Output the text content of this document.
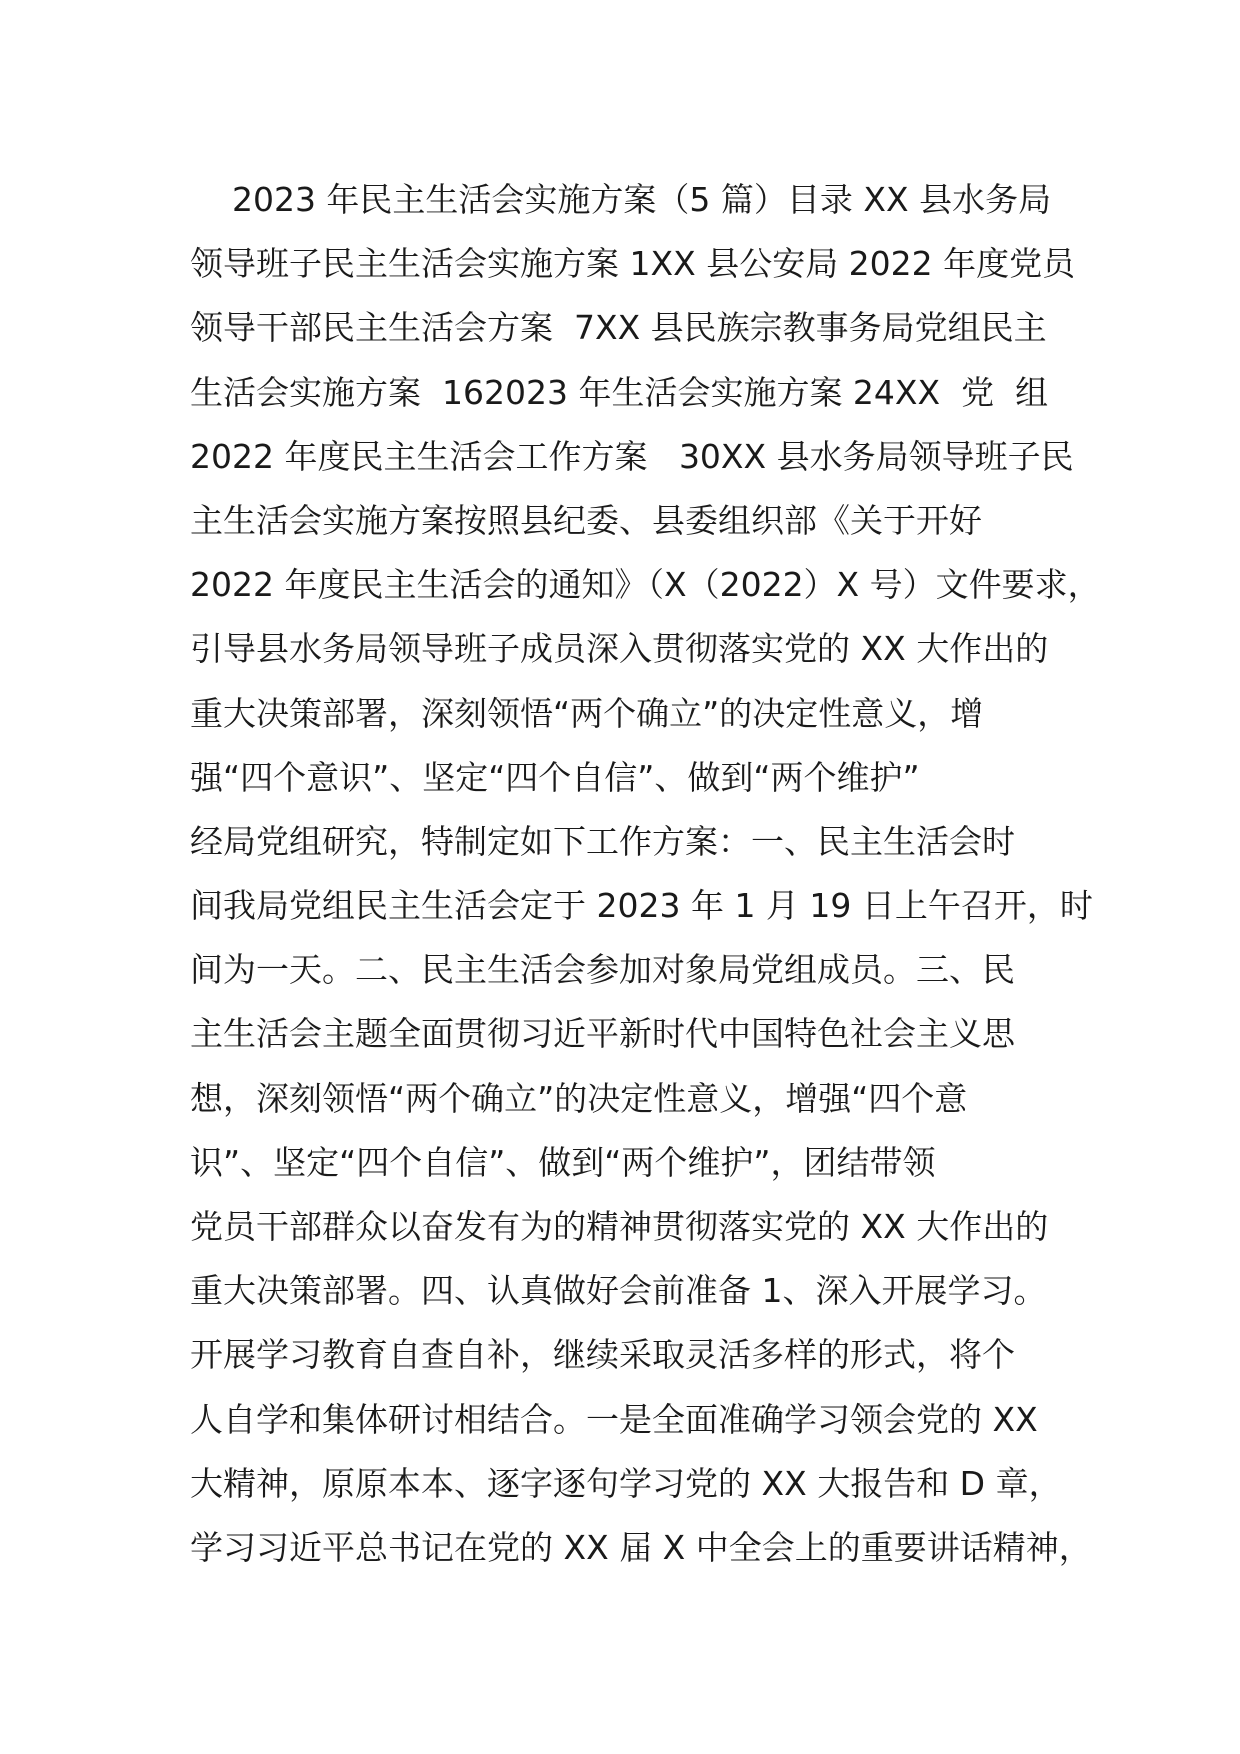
2023 年民主生活会实施方案（5 篇）目录 XX 县水务局
领导班子民主生活会实施方案 1XX 县公安局 2022 年度党员
领导干部民主生活会方案  7XX 县民族宗教事务局党组民主
生活会实施方案  162023 年生活会实施方案 24XX  党  组
2022 年度民主生活会工作方案   30XX 县水务局领导班子民
主生活会实施方案按照县纪委、县委组织部《关于开好
2022 年度民主生活会的通知》（X（2022）X 号）文件要求，
引导县水务局领导班子成员深入贯彻落实党的 XX 大作出的
重大决策部署，深刻领悟“两个确立”的决定性意义，增
强“四个意识”、坚定“四个自信”、做到“两个维护”
经局党组研究，特制定如下工作方案：一、民主生活会时
间我局党组民主生活会定于 2023 年 1 月 19 日上午召开，时
间为一天。二、民主生活会参加对象局党组成员。三、民
主生活会主题全面贯彻习近平新时代中国特色社会主义思
想，深刻领悟“两个确立”的决定性意义，增强“四个意
识”、坚定“四个自信”、做到“两个维护”，团结带领
党员干部群众以奋发有为的精神贯彻落实党的 XX 大作出的
重大决策部署。四、认真做好会前准备 1、深入开展学习。
开展学习教育自查自补，继续采取灵活多样的形式，将个
人自学和集体研讨相结合。一是全面准确学习领会党的 XX
大精神，原原本本、逐字逐句学习党的 XX 大报告和 D 章，
学习习近平总书记在党的 XX 届 X 中全会上的重要讲话精神，
